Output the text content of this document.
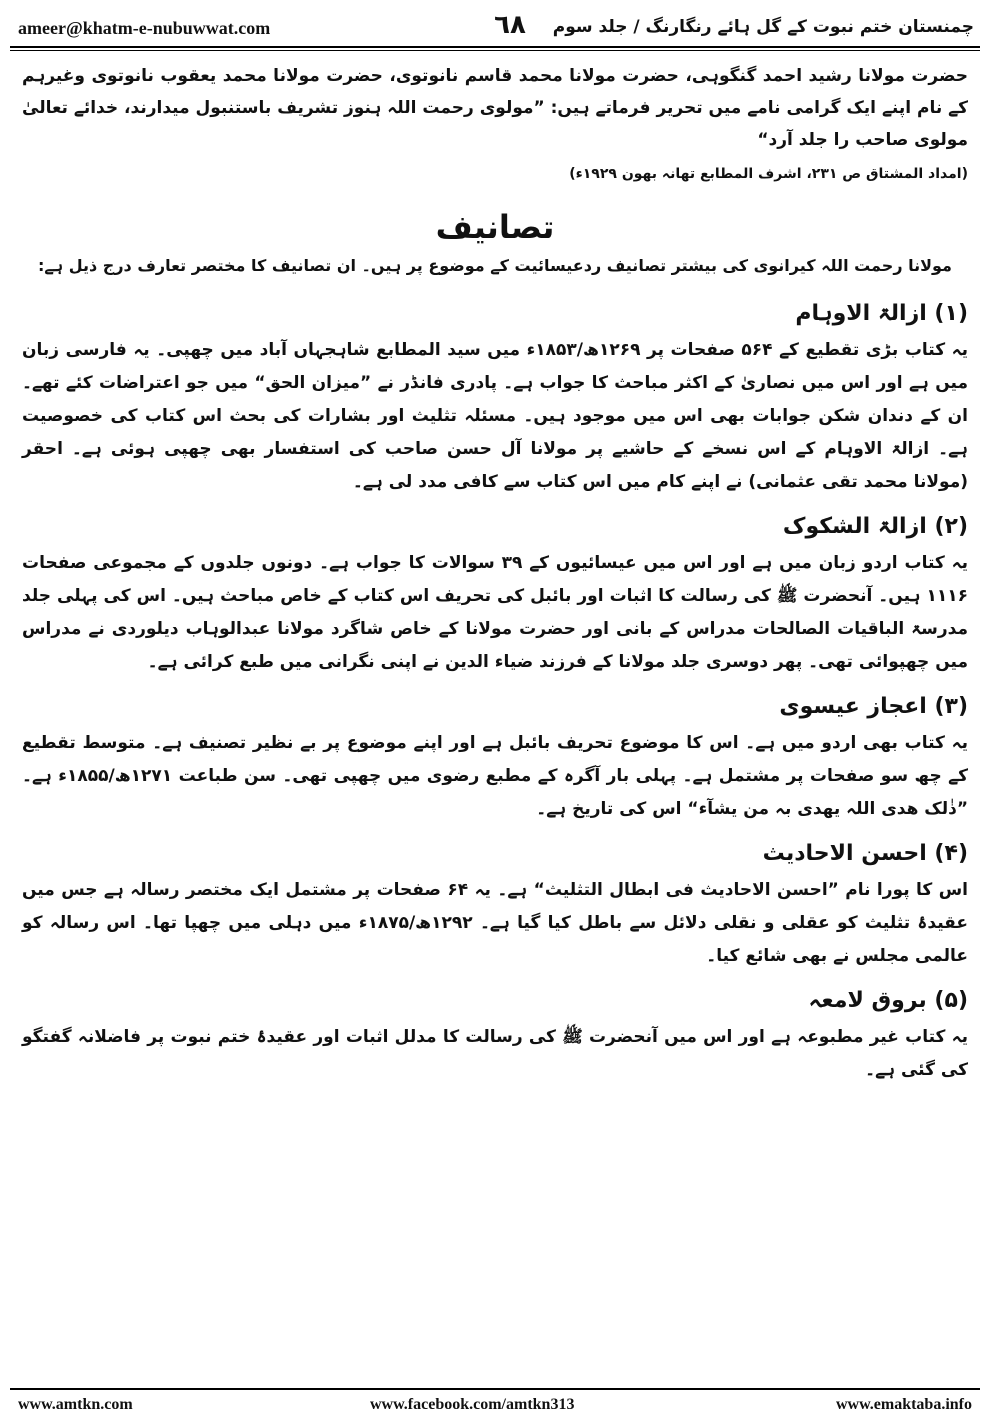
ameer@khatm-e-nubuwwat.com	٦٨	چمنستان ختم نبوت کے گل ہائے رنگارنگ / جلد سوم

حضرت مولانا رشید احمد گنگوہی، حضرت مولانا محمد قاسم نانوتوی، حضرت مولانا محمد یعقوب نانوتوی وغیرہم کے نام اپنے ایک گرامی نامے میں تحریر فرماتے ہیں: ”مولوی رحمت اللہ ہنوز تشریف باستنبول میدارند، خدائے تعالیٰ مولوی صاحب را جلد آرد“

(امداد المشتاق ص ۲۳۱، اشرف المطابع تھانہ بھون ۱۹۲۹ء)

تصانیف
مولانا رحمت اللہ کیرانوی کی بیشتر تصانیف ردعیسائیت کے موضوع پر ہیں۔ ان تصانیف کا مختصر تعارف درج ذیل ہے:
(۱) ازالۃ الاوہام

یہ کتاب بڑی تقطیع کے ۵۶۴ صفحات پر ۱۲۶۹ھ/۱۸۵۳ء میں سید المطابع شاہجہاں آباد میں چھپی۔ یہ فارسی زبان میں ہے اور اس میں نصاریٰ کے اکثر مباحث کا جواب ہے۔ پادری فانڈر نے ”میزان الحق“ میں جو اعتراضات کئے تھے۔ ان کے دندان شکن جوابات بھی اس میں موجود ہیں۔ مسئلہ تثلیث اور بشارات کی بحث اس کتاب کی خصوصیت ہے۔ ازالۃ الاوہام کے اس نسخے کے حاشیے پر مولانا آل حسن صاحب کی استفسار بھی چھپی ہوئی ہے۔ احقر (مولانا محمد تقی عثمانی) نے اپنے کام میں اس کتاب سے کافی مدد لی ہے۔

(۲) ازالۃ الشکوک

یہ کتاب اردو زبان میں ہے اور اس میں عیسائیوں کے ۳۹ سوالات کا جواب ہے۔ دونوں جلدوں کے مجموعی صفحات ۱۱۱۶ ہیں۔ آنحضرت ﷺ کی رسالت کا اثبات اور بائبل کی تحریف اس کتاب کے خاص مباحث ہیں۔ اس کی پہلی جلد مدرسۃ الباقیات الصالحات مدراس کے بانی اور حضرت مولانا کے خاص شاگرد مولانا عبدالوہاب دیلوردی نے مدراس میں چھپوائی تھی۔ پھر دوسری جلد مولانا کے فرزند ضیاء الدین نے اپنی نگرانی میں طبع کرائی ہے۔

(۳) اعجاز عیسوی

یہ کتاب بھی اردو میں ہے۔ اس کا موضوع تحریف بائبل ہے اور اپنے موضوع پر بے نظیر تصنیف ہے۔ متوسط تقطیع کے چھ سو صفحات پر مشتمل ہے۔ پہلی بار آگرہ کے مطبع رضوی میں چھپی تھی۔ سن طباعت ۱۲۷۱ھ/۱۸۵۵ء ہے۔ ”ذٰلک ھدی اللہ یھدی بہ من یشآء“ اس کی تاریخ ہے۔

(۴) احسن الاحادیث

اس کا پورا نام ”احسن الاحادیث فی ابطال التثلیث“ ہے۔ یہ ۶۴ صفحات پر مشتمل ایک مختصر رسالہ ہے جس میں عقیدۂ تثلیث کو عقلی و نقلی دلائل سے باطل کیا گیا ہے۔ ۱۲۹۲ھ/۱۸۷۵ء میں دہلی میں چھپا تھا۔ اس رسالہ کو عالمی مجلس نے بھی شائع کیا۔

(۵) بروق لامعہ

یہ کتاب غیر مطبوعہ ہے اور اس میں آنحضرت ﷺ کی رسالت کا مدلل اثبات اور عقیدۂ ختم نبوت پر فاضلانہ گفتگو کی گئی ہے۔

www.amtkn.com	www.facebook.com/amtkn313	www.emaktaba.info
